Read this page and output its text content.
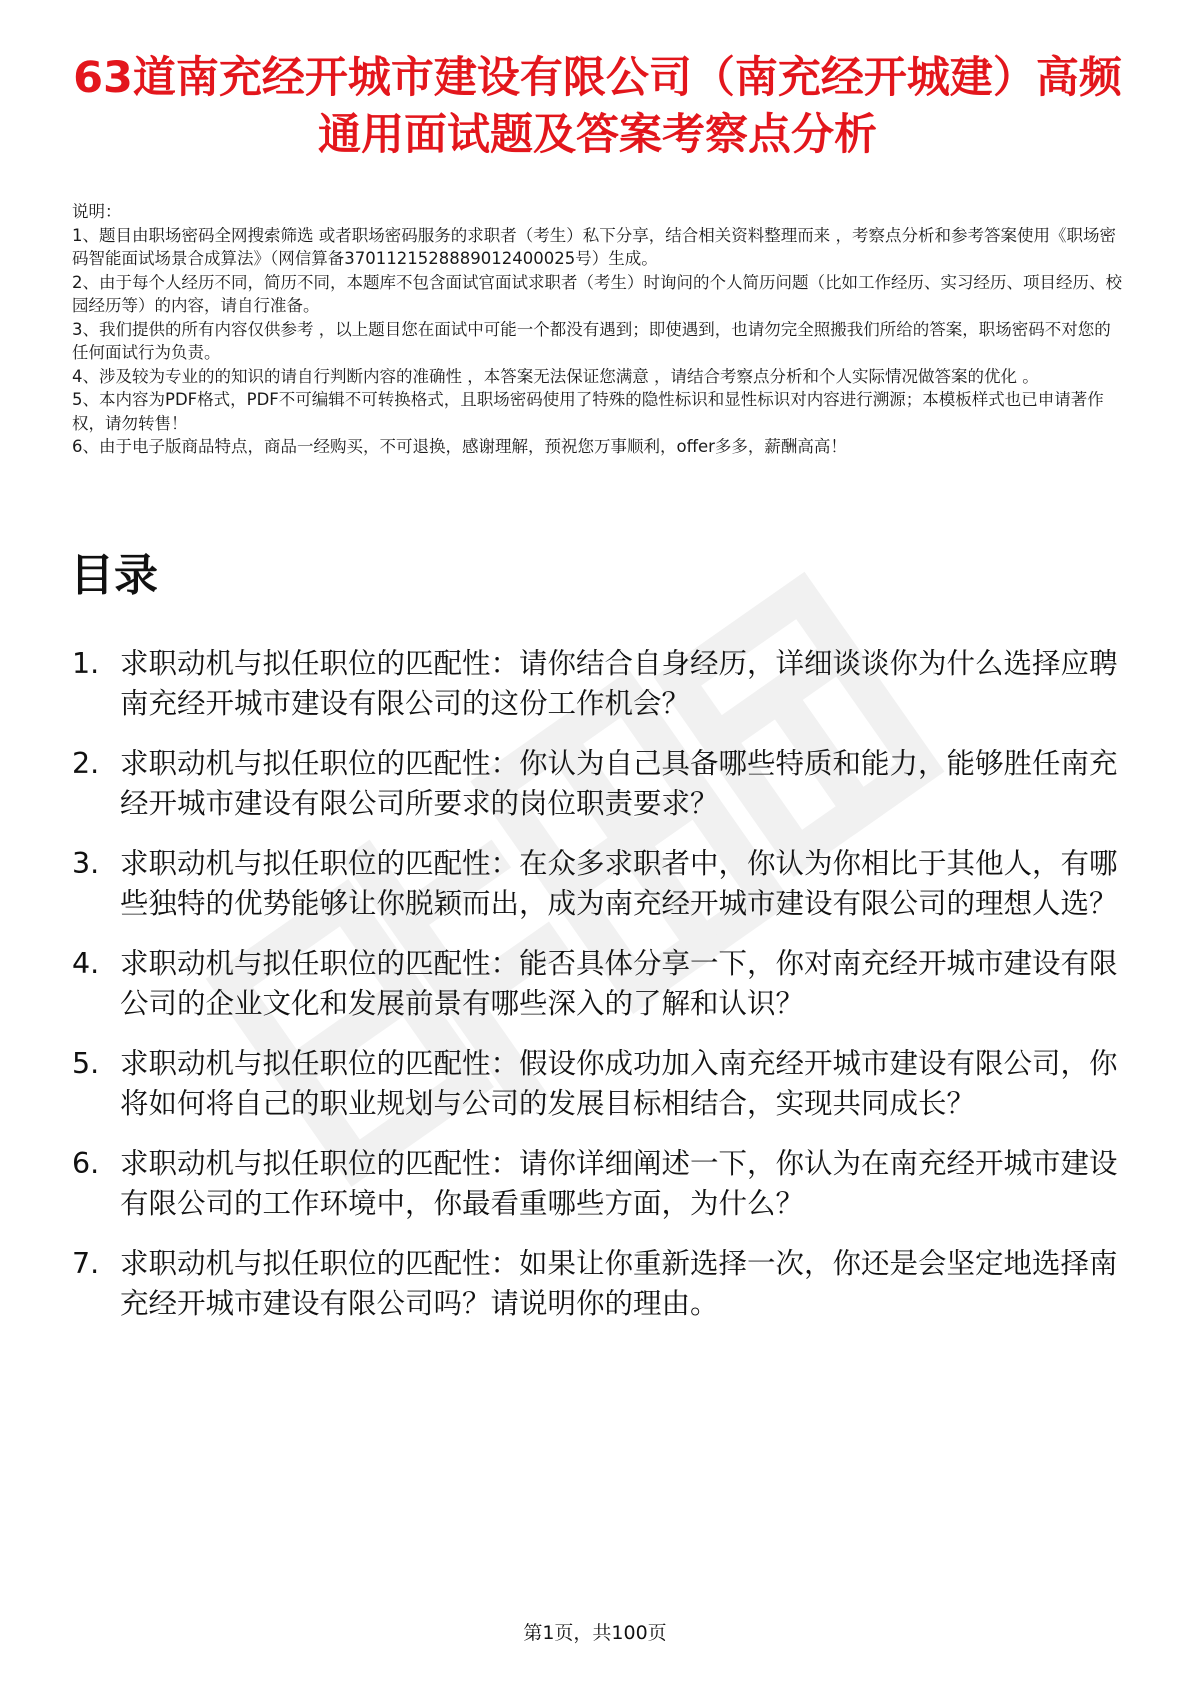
63道南充经开城市建设有限公司（南充经开城建）高频通用面试题及答案考察点分析

说明：

1、题目由职场密码全网搜索筛选 或者职场密码服务的求职者（考生）私下分享，结合相关资料整理而来 ，考察点分析和参考答案使用《职场密码智能面试场景合成算法》（网信算备3701121528889012400025号）生成。

2、由于每个人经历不同，简历不同，本题库不包含面试官面试求职者（考生）时询问的个人简历问题（比如工作经历、实习经历、项目经历、校园经历等）的内容，请自行准备。

3、我们提供的所有内容仅供参考 ，以上题目您在面试中可能一个都没有遇到；即使遇到，也请勿完全照搬我们所给的答案，职场密码不对您的任何面试行为负责。

4、涉及较为专业的的知识的请自行判断内容的准确性 ，本答案无法保证您满意 ，请结合考察点分析和个人实际情况做答案的优化 。

5、本内容为PDF格式，PDF不可编辑不可转换格式，且职场密码使用了特殊的隐性标识和显性标识对内容进行溯源；本模板样式也已申请著作权，请勿转售！

6、由于电子版商品特点，商品一经购买，不可退换，感谢理解，预祝您万事顺利，offer多多，薪酬高高！

目录
1. 求职动机与拟任职位的匹配性：请你结合自身经历，详细谈谈你为什么选择应聘南充经开城市建设有限公司的这份工作机会？
2. 求职动机与拟任职位的匹配性：你认为自己具备哪些特质和能力，能够胜任南充经开城市建设有限公司所要求的岗位职责要求？
3. 求职动机与拟任职位的匹配性：在众多求职者中，你认为你相比于其他人，有哪些独特的优势能够让你脱颖而出，成为南充经开城市建设有限公司的理想人选？
4. 求职动机与拟任职位的匹配性：能否具体分享一下，你对南充经开城市建设有限公司的企业文化和发展前景有哪些深入的了解和认识？
5. 求职动机与拟任职位的匹配性：假设你成功加入南充经开城市建设有限公司，你将如何将自己的职业规划与公司的发展目标相结合，实现共同成长？
6. 求职动机与拟任职位的匹配性：请你详细阐述一下，你认为在南充经开城市建设有限公司的工作环境中，你最看重哪些方面，为什么？
7. 求职动机与拟任职位的匹配性：如果让你重新选择一次，你还是会坚定地选择南充经开城市建设有限公司吗？请说明你的理由。
第1页，共100页
